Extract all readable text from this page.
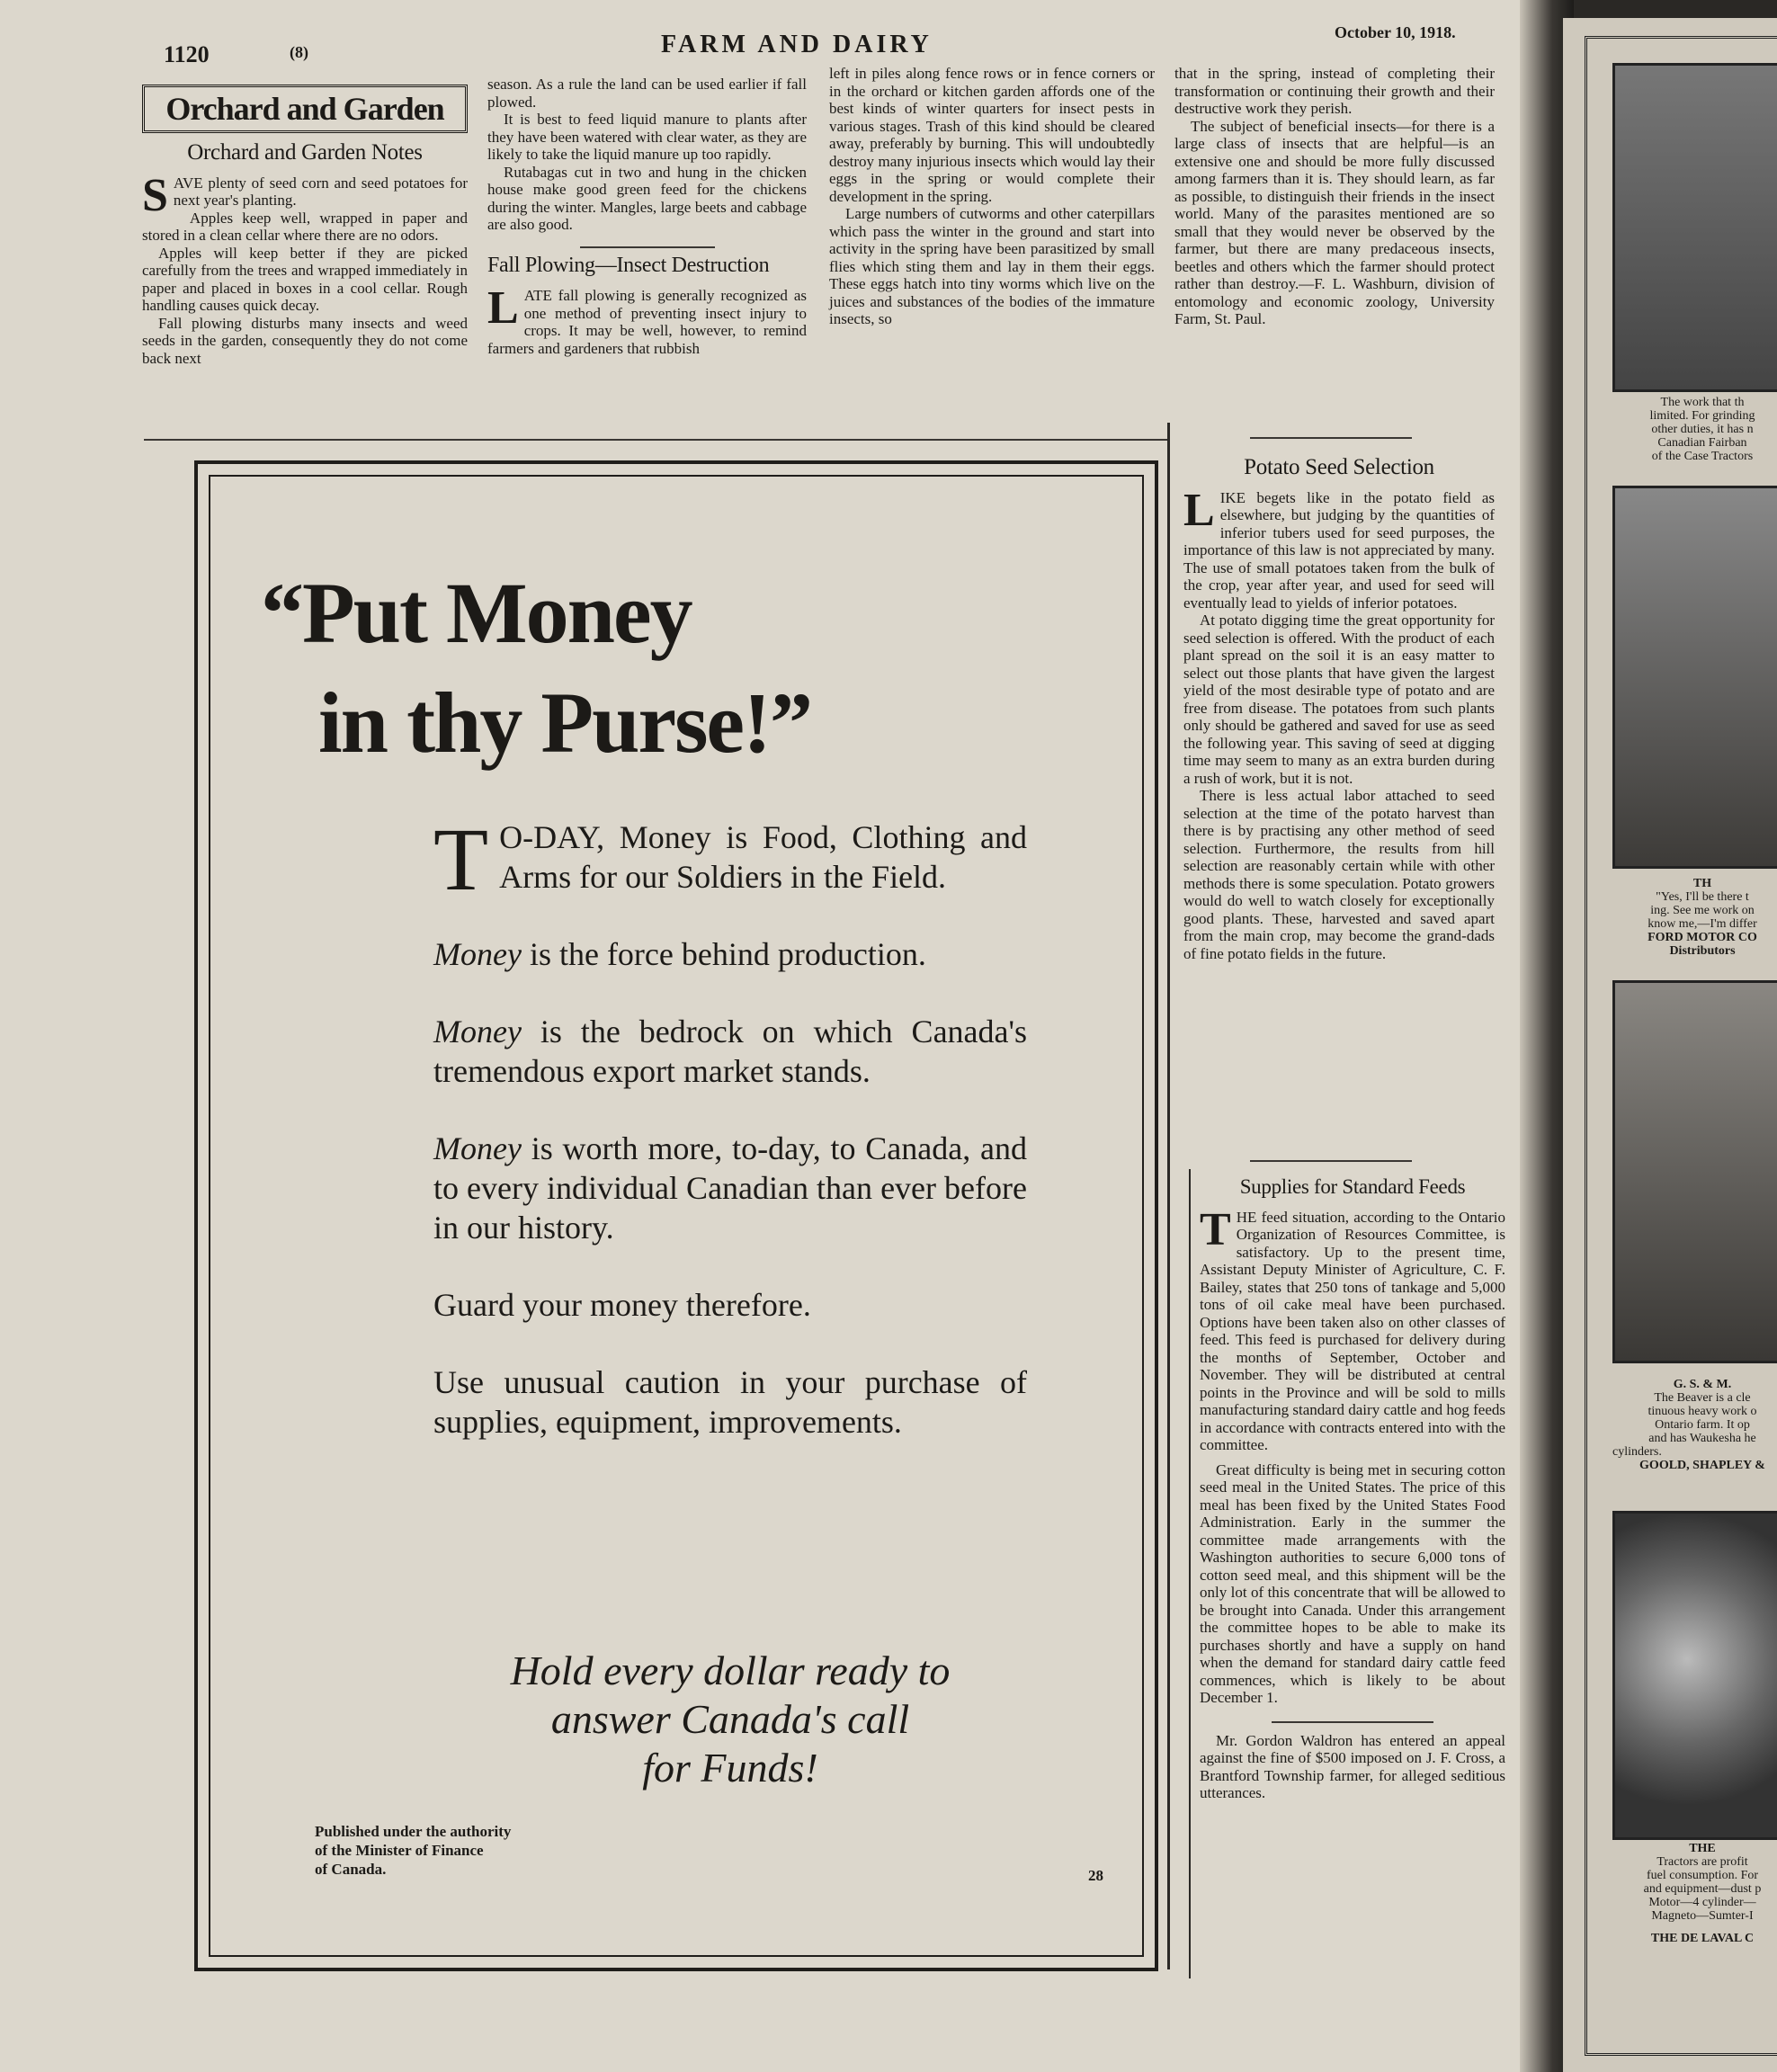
1120	(8)	FARM AND DAIRY	October 10, 1918.
Orchard and Garden
Orchard and Garden Notes

SAVE plenty of seed corn and seed potatoes for next year's planting.

Apples keep well, wrapped in paper and stored in a clean cellar where there are no odors.

Apples will keep better if they are picked carefully from the trees and wrapped immediately in paper and placed in boxes in a cool cellar. Rough handling causes quick decay.

Fall plowing disturbs many insects and weed seeds in the garden, consequently they do not come back next

season. As a rule the land can be used earlier if fall plowed.

It is best to feed liquid manure to plants after they have been watered with clear water, as they are likely to take the liquid manure up too rapidly.

Rutabagas cut in two and hung in the chicken house make good green feed for the chickens during the winter. Mangles, large beets and cabbage are also good.

Fall Plowing—Insect Destruction

LATE fall plowing is generally recognized as one method of preventing insect injury to crops. It may be well, however, to remind farmers and gardeners that rubbish

left in piles along fence rows or in fence corners or in the orchard or kitchen garden affords one of the best kinds of winter quarters for insect pests in various stages. Trash of this kind should be cleared away, preferably by burning. This will undoubtedly destroy many injurious insects which would lay their eggs in the spring or would complete their development in the spring.

Large numbers of cutworms and other caterpillars which pass the winter in the ground and start into activity in the spring have been parasitized by small flies which sting them and lay in them their eggs. These eggs hatch into tiny worms which live on the juices and substances of the bodies of the immature insects, so

that in the spring, instead of completing their transformation or continuing their growth and their destructive work they perish.

The subject of beneficial insects—for there is a large class of insects that are helpful—is an extensive one and should be more fully discussed among farmers than it is. They should learn, as far as possible, to distinguish their friends in the insect world. Many of the parasites mentioned are so small that they would never be observed by the farmer, but there are many predaceous insects, beetles and others which the farmer should protect rather than destroy.—F. L. Washburn, division of entomology and economic zoology, University Farm, St. Paul.

“Put Money
in thy Purse!”

T O-DAY, Money is Food, Clothing and Arms for our Soldiers in the Field.

Money is the force behind production.

Money is the bedrock on which Canada's tremendous export market stands.

Money is worth more, to-day, to Canada, and to every individual Canadian than ever before in our history.

Guard your money therefore.

Use unusual caution in your purchase of supplies, equipment, improvements.

Hold every dollar ready to
answer Canada's call
for Funds!
Published under the authority
of the Minister of Finance
of Canada.	28
Potato Seed Selection

LIKE begets like in the potato field as elsewhere, but judging by the quantities of inferior tubers used for seed purposes, the importance of this law is not appreciated by many. The use of small potatoes taken from the bulk of the crop, year after year, and used for seed will eventually lead to yields of inferior potatoes.

At potato digging time the great opportunity for seed selection is offered. With the product of each plant spread on the soil it is an easy matter to select out those plants that have given the largest yield of the most desirable type of potato and are free from disease. The potatoes from such plants only should be gathered and saved for use as seed the following year. This saving of seed at digging time may seem to many as an extra burden during a rush of work, but it is not.

There is less actual labor attached to seed selection at the time of the potato harvest than there is by practising any other method of seed selection. Furthermore, the results from hill selection are reasonably certain while with other methods there is some speculation. Potato growers would do well to watch closely for exceptionally good plants. These, harvested and saved apart from the main crop, may become the grand-dads of fine potato fields in the future.

Supplies for Standard Feeds

THE feed situation, according to the Ontario Organization of Resources Committee, is satisfactory. Up to the present time, Assistant Deputy Minister of Agriculture, C. F. Bailey, states that 250 tons of tankage and 5,000 tons of oil cake meal have been purchased. Options have been taken also on other classes of feed. This feed is purchased for delivery during the months of September, October and November. They will be distributed at central points in the Province and will be sold to mills manufacturing standard dairy cattle and hog feeds in accordance with contracts entered into with the committee.

Great difficulty is being met in securing cotton seed meal in the United States. The price of this meal has been fixed by the United States Food Administration. Early in the summer the committee made arrangements with the Washington authorities to secure 6,000 tons of cotton seed meal, and this shipment will be the only lot of this concentrate that will be allowed to be brought into Canada. Under this arrangement the committee hopes to be able to make its purchases shortly and have a supply on hand when the demand for standard dairy cattle feed commences, which is likely to be about December 1.

Mr. Gordon Waldron has entered an appeal against the fine of $500 imposed on J. F. Cross, a Brantford Township farmer, for alleged seditious utterances.

The work that th
limited. For grinding
other duties, it has n
Canadian Fairban
of the Case Tractors
TH
"Yes, I'll be there t
ing. See me work on
know me,—I'm differ
FORD MOTOR CO
Distributors
G. S. & M.
The Beaver is a cle
tinuous heavy work o
Ontario farm. It op
and has Waukesha he
cylinders.
GOOLD, SHAPLEY &
THE
Tractors are profit
fuel consumption. For
and equipment—dust p
Motor—4 cylinder—
Magneto—Sumter-I
THE DE LAVAL C
